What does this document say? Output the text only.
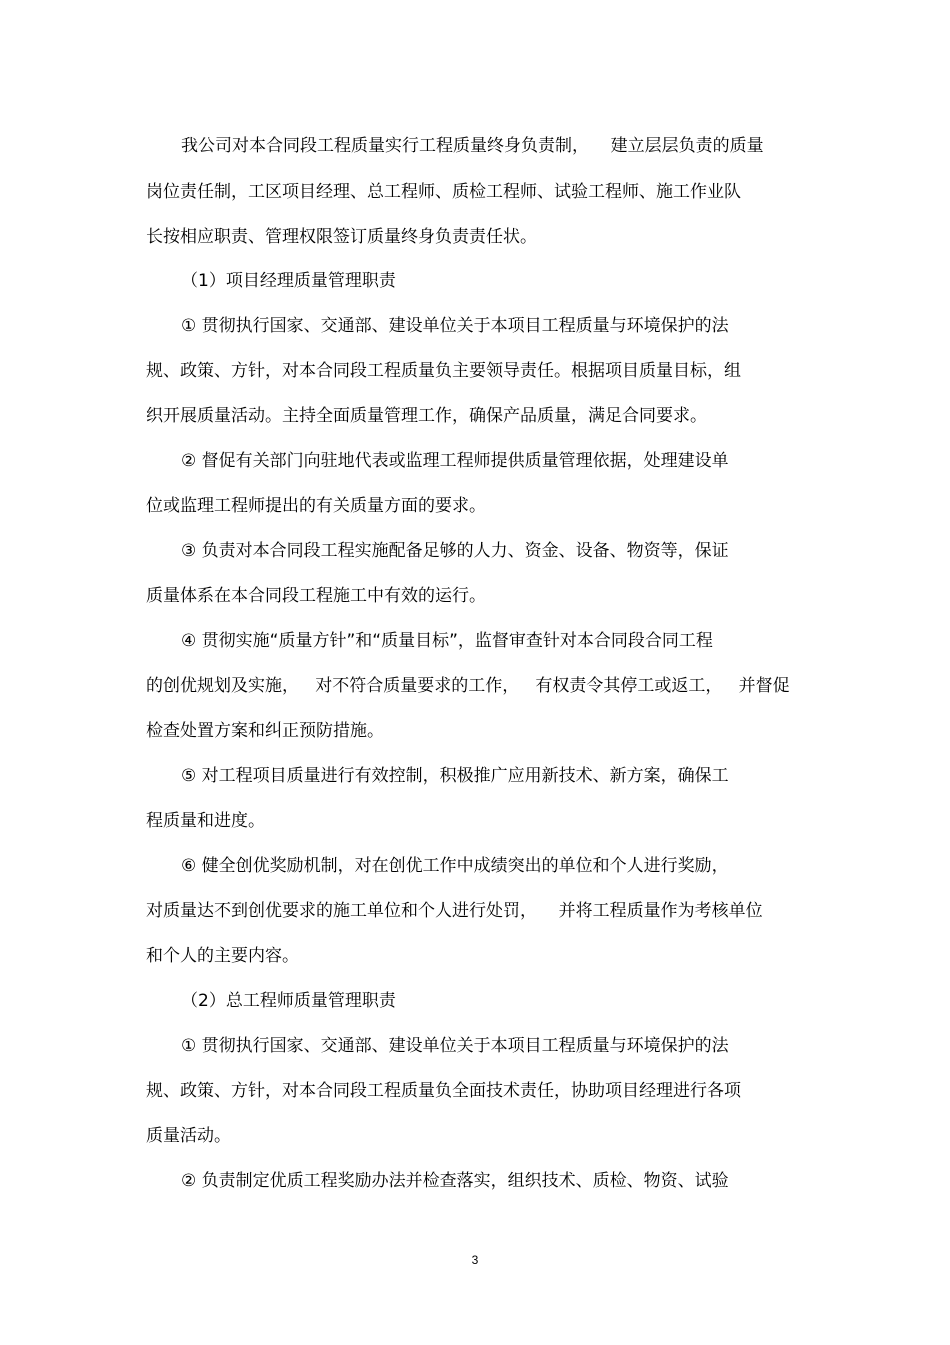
我公司对本合同段工程质量实行工程质量终身负责制，    建立层层负责的质量

岗位责任制，工区项目经理、总工程师、质检工程师、试验工程师、施工作业队

长按相应职责、管理权限签订质量终身负责责任状。

（1）项目经理质量管理职责

① 贯彻执行国家、交通部、建设单位关于本项目工程质量与环境保护的法

规、政策、方针，对本合同段工程质量负主要领导责任。根据项目质量目标，组

织开展质量活动。主持全面质量管理工作，确保产品质量，满足合同要求。

② 督促有关部门向驻地代表或监理工程师提供质量管理依据，处理建设单

位或监理工程师提出的有关质量方面的要求。

③ 负责对本合同段工程实施配备足够的人力、资金、设备、物资等，保证

质量体系在本合同段工程施工中有效的运行。

④ 贯彻实施“质量方针”和“质量目标”，监督审查针对本合同段合同工程

的创优规划及实施，   对不符合质量要求的工作，   有权责令其停工或返工，   并督促

检查处置方案和纠正预防措施。

⑤ 对工程项目质量进行有效控制，积极推广应用新技术、新方案，确保工

程质量和进度。

⑥ 健全创优奖励机制，对在创优工作中成绩突出的单位和个人进行奖励，

对质量达不到创优要求的施工单位和个人进行处罚，    并将工程质量作为考核单位

和个人的主要内容。

（2）总工程师质量管理职责

① 贯彻执行国家、交通部、建设单位关于本项目工程质量与环境保护的法

规、政策、方针，对本合同段工程质量负全面技术责任，协助项目经理进行各项

质量活动。

② 负责制定优质工程奖励办法并检查落实，组织技术、质检、物资、试验

3
